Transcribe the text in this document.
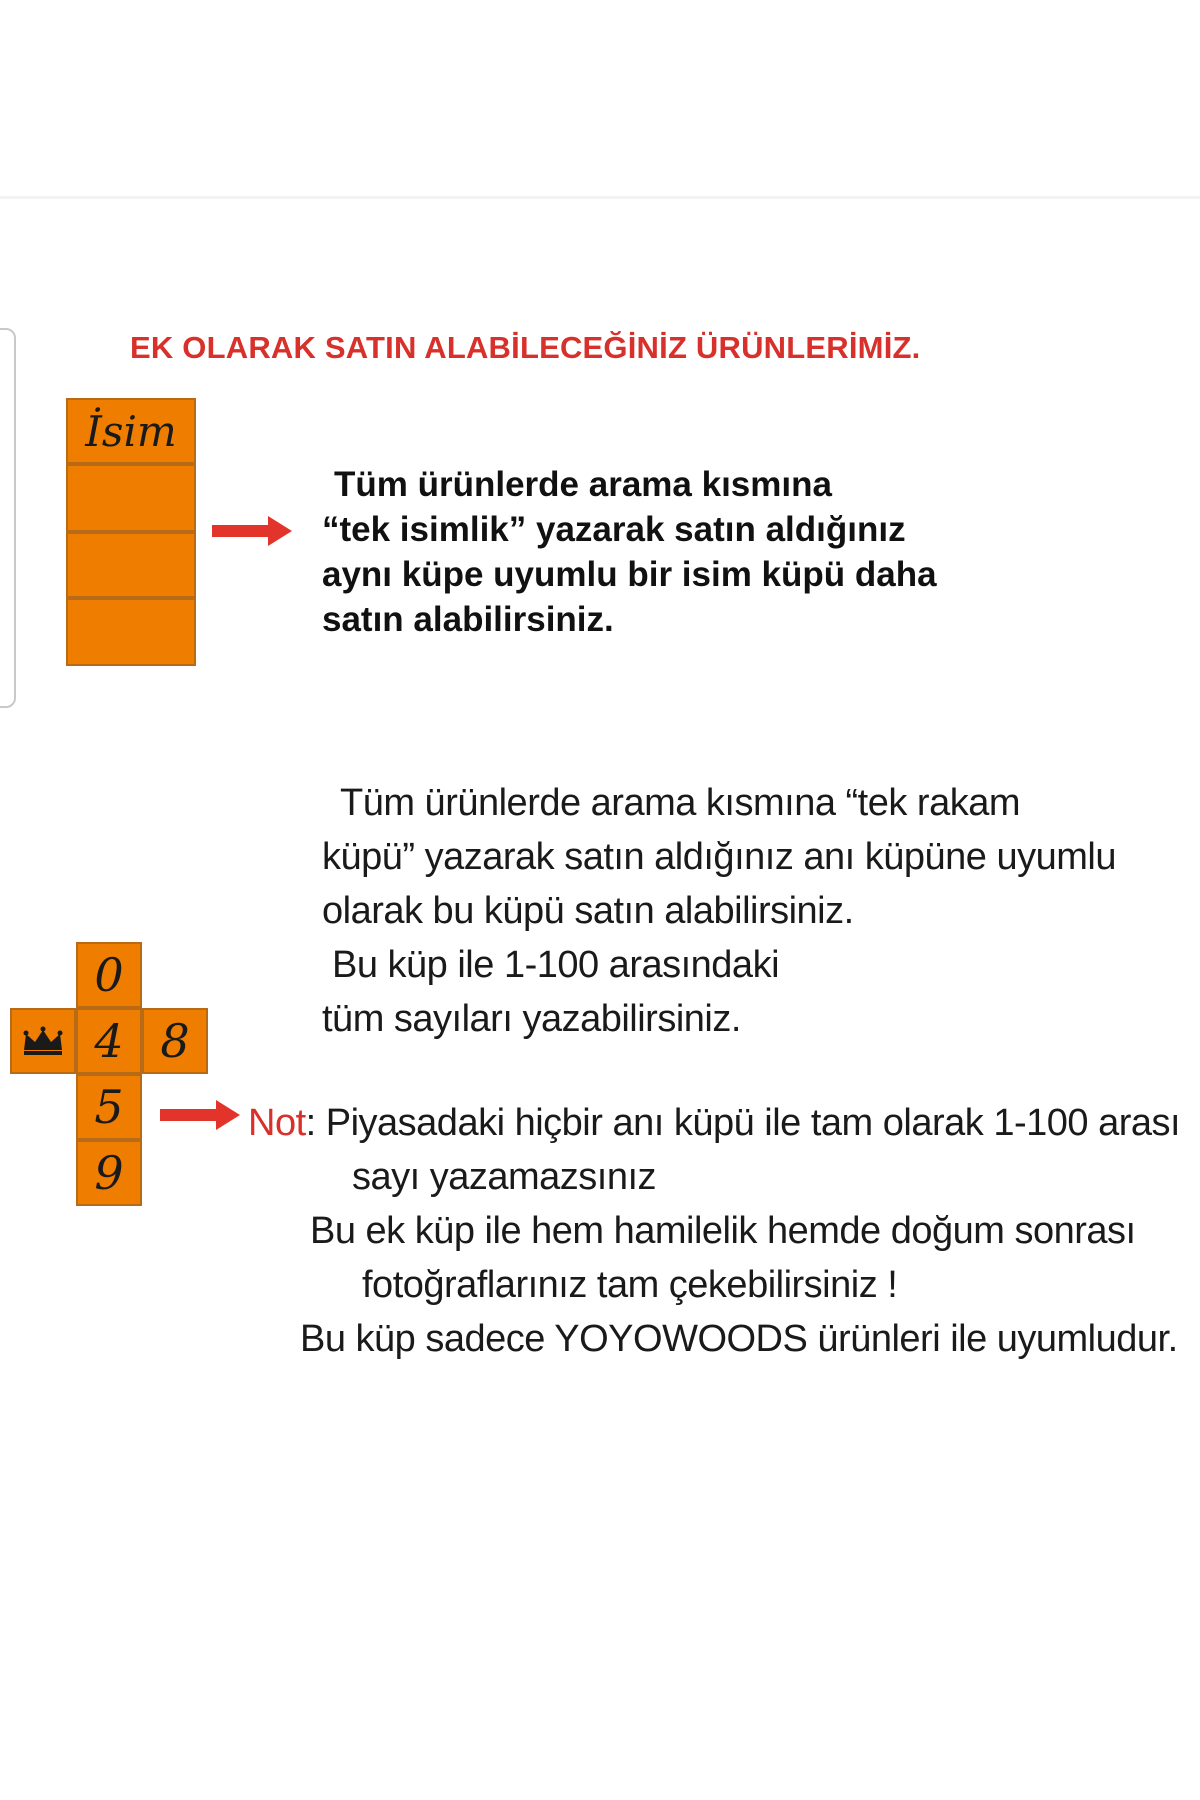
EK OLARAK SATIN ALABİLECEĞİNİZ ÜRÜNLERİMİZ.
İsim
Tüm ürünlerde arama kısmına
“tek isimlik” yazarak satın aldığınız
aynı küpe uyumlu bir isim küpü daha
satın alabilirsiniz.
Tüm ürünlerde arama kısmına “tek rakam
küpü” yazarak satın aldığınız anı küpüne uyumlu
olarak bu küpü satın alabilirsiniz.
Bu küp ile 1-100 arasındaki
tüm sayıları yazabilirsiniz.
0
4 8
5
9
Not: Piyasadaki hiçbir anı küpü ile tam olarak 1-100 arası
sayı yazamazsınız
Bu ek küp ile hem hamilelik hemde doğum sonrası
fotoğraflarınız tam çekebilirsiniz !
Bu küp sadece YOYOWOODS ürünleri ile uyumludur.
